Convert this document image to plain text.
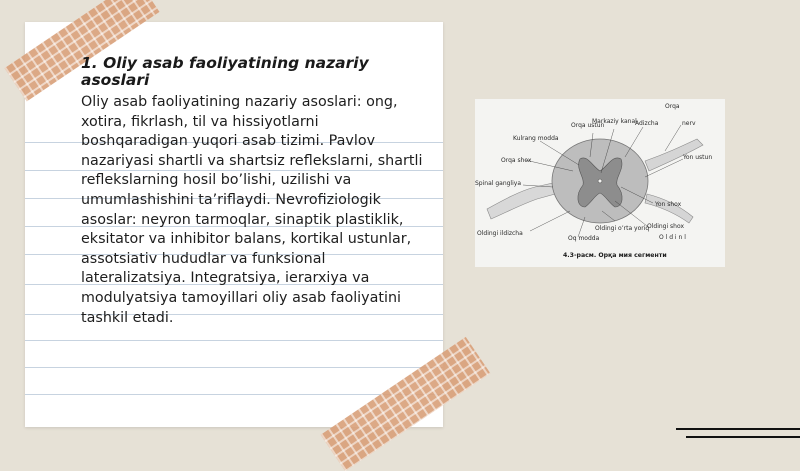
1. Oliy asab faoliyatining nazariy asoslari

Oliy asab faoliyatining nazariy asoslari: ong, xotira, fikrlash, til va hissiyotlarni boshqaradigan yuqori asab tizimi. Pavlov nazariyasi shartli va shartsiz reflekslarni, shartli reflekslarning hosil bo’lishi, uzilishi va umumlashishini ta’riflaydi. Nevrofiziologik asoslar: neyron tarmoqlar, sinaptik plastiklik, eksitator va inhibitor balans, kortikal ustunlar, assotsiativ hududlar va funksional lateralizatsiya. Integratsiya, ierarxiya va modulyatsiya tamoyillari oliy asab faoliyatini tashkil etadi.

Orqa
Markaziy kanal
Orqa ustun	Adizcha	nerv
Kulrang modda
Orqa shox	Yon ustun
Spinal gangliya
Yon shox
Oldingi shox
Oldingi ildizcha
Oq modda
Oldingi o’rta yoriq
O l d i n l
4.3-расм. Орқа мия сегменти
